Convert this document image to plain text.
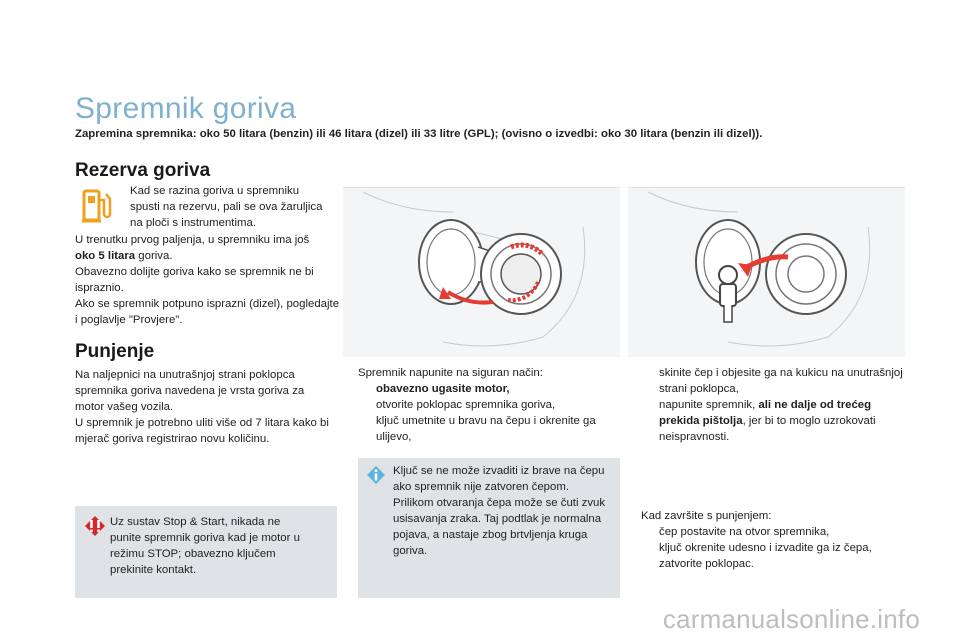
Spremnik goriva
Zapremina spremnika: oko 50 litara (benzin) ili 46 litara (dizel) ili 33 litre (GPL); (ovisno o izvedbi: oko 30 litara (benzin ili dizel)).
Rezerva goriva
Kad se razina goriva u spremniku spusti na rezervu, pali se ova žaruljica na ploči s instrumentima.
U trenutku prvog paljenja, u spremniku ima još
oko 5 litara goriva.
Obavezno dolijte goriva kako se spremnik ne bi ispraznio.
Ako se spremnik potpuno isprazni (dizel), pogledajte i poglavlje "Provjere".
Punjenje
Na naljepnici na unutrašnjoj strani poklopca spremnika goriva navedena je vrsta goriva za motor vašeg vozila.
U spremnik je potrebno uliti više od 7 litara kako bi mjerač goriva registrirao novu količinu.
Uz sustav Stop & Start, nikada ne punite spremnik goriva kad je motor u režimu STOP; obavezno ključem prekinite kontakt.
Spremnik napunite na siguran način:
obavezno ugasite motor,
otvorite poklopac spremnika goriva,
ključ umetnite u bravu na čepu i okrenite ga ulijevo,
Ključ se ne može izvaditi iz brave na čepu ako spremnik nije zatvoren čepom.
Prilikom otvaranja čepa može se čuti zvuk usisavanja zraka. Taj podtlak je normalna pojava, a nastaje zbog brtvljenja kruga goriva.
skinite čep i objesite ga na kukicu na unutrašnjoj strani poklopca,
napunite spremnik, ali ne dalje od trećeg prekida pištolja, jer bi to moglo uzrokovati neispravnosti.
Kad završite s punjenjem:
čep postavite na otvor spremnika,
ključ okrenite udesno i izvadite ga iz čepa,
zatvorite poklopac.
carmanualsonline.info
